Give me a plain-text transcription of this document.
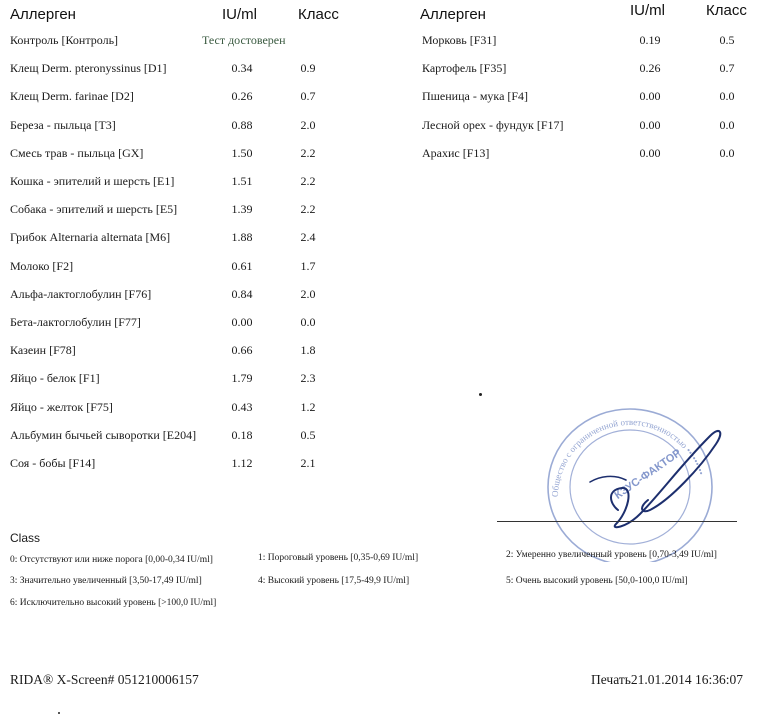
Аллерген	IU/ml	Класс	Аллерген	IU/ml	Класс
Контроль [Контроль]	Тест достоверен
Клещ Derm. pteronyssinus [D1]	0.34	0.9
Клещ Derm. farinae [D2]	0.26	0.7
Береза - пыльца [T3]	0.88	2.0
Смесь трав - пыльца [GX]	1.50	2.2
Кошка - эпителий и шерсть [E1]	1.51	2.2
Собака - эпителий и шерсть [E5]	1.39	2.2
Грибок Alternaria alternata [M6]	1.88	2.4
Молоко [F2]	0.61	1.7
Альфа-лактоглобулин [F76]	0.84	2.0
Бета-лактоглобулин [F77]	0.00	0.0
Казеин [F78]	0.66	1.8
Яйцо - белок [F1]	1.79	2.3
Яйцо - желток [F75]	0.43	1.2
Альбумин бычьей сыворотки [E204]	0.18	0.5
Соя - бобы [F14]	1.12	2.1
Морковь [F31]	0.19	0.5
Картофель [F35]	0.26	0.7
Пшеница - мука [F4]	0.00	0.0
Лесной орех - фундук [F17]	0.00	0.0
Арахис [F13]	0.00	0.0
Общество с ограниченной ответственностью •••••••••
КЗУС-ФАКТОР
Class
0: Отсутствуют или ниже порога [0,00-0,34 IU/ml]	1: Пороговый уровень [0,35-0,69 IU/ml]	2: Умеренно увеличенный уровень [0,70-3,49 IU/ml]
3: Значительно увеличенный [3,50-17,49 IU/ml]	4: Высокий уровень [17,5-49,9 IU/ml]	5: Очень высокий уровень [50,0-100,0 IU/ml]
6: Исключительно высокий уровень [>100,0 IU/ml]
RIDA® X-Screen# 051210006157	Печать21.01.2014 16:36:07
